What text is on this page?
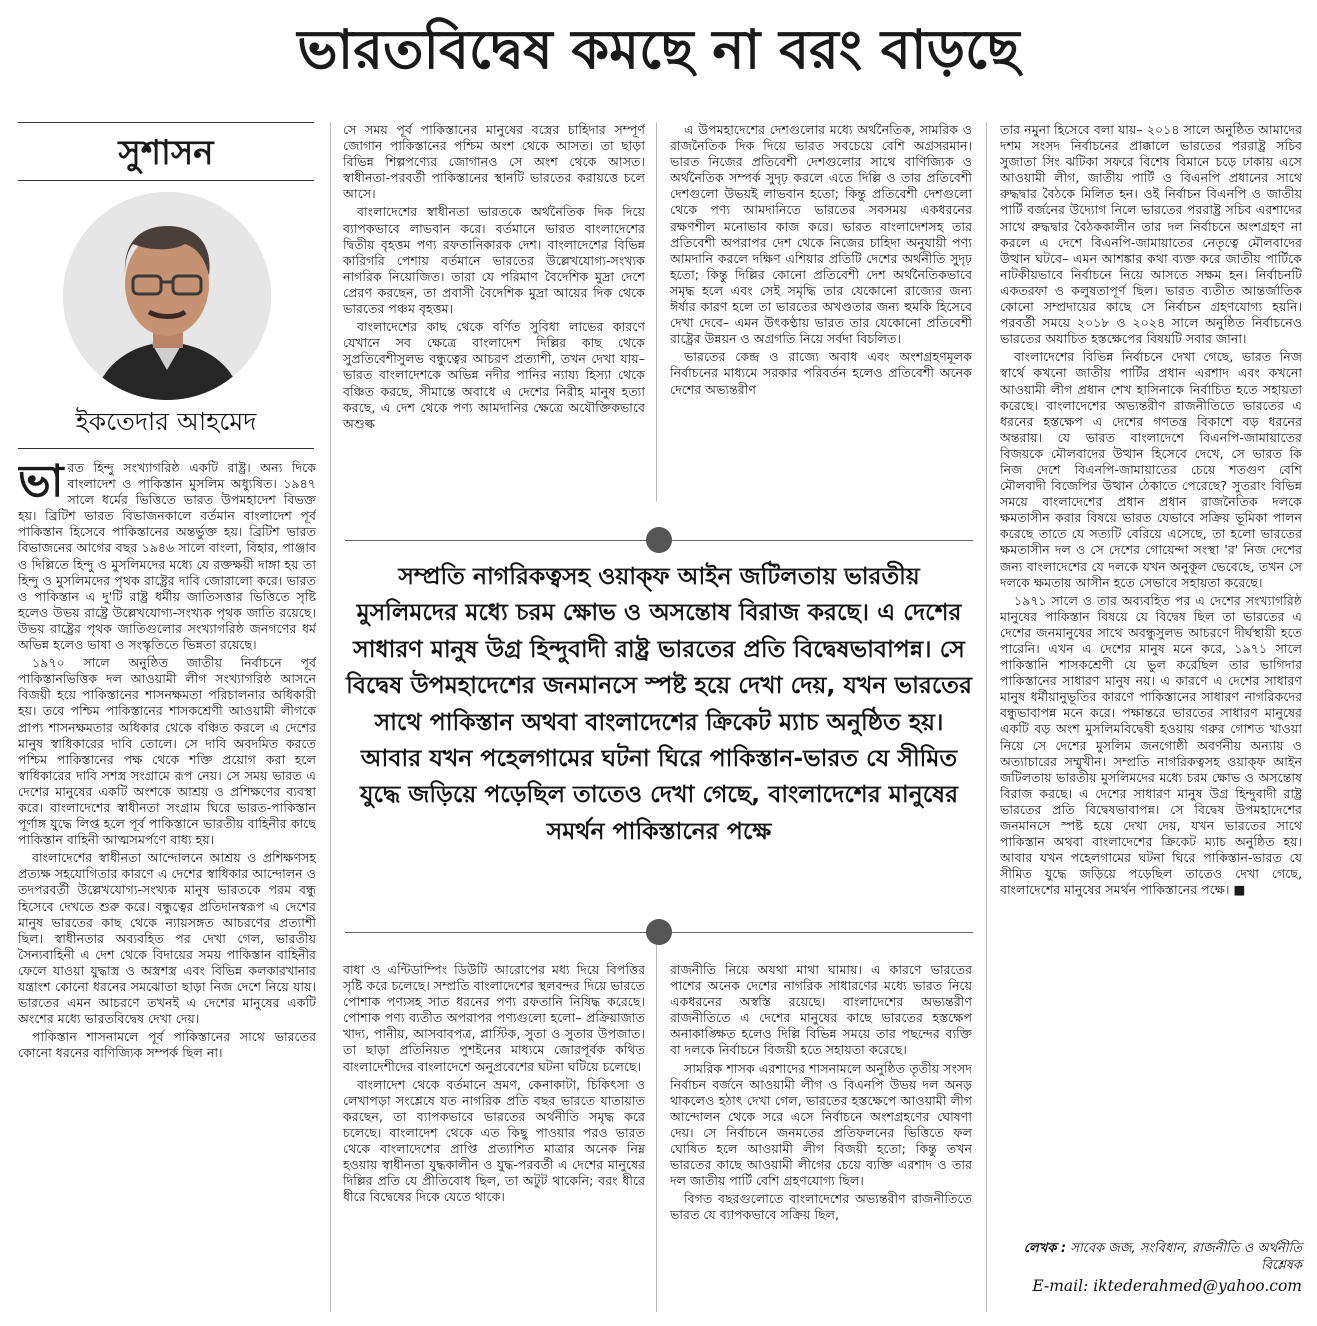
ভারতবিদ্বেষ কমছে না বরং বাড়ছে
সুশাসন
ইকতেদার আহমেদ

ভারত হিন্দু সংখ্যাগরিষ্ঠ একটি রাষ্ট্র। অন্য দিকে বাংলাদেশ ও পাকিস্তান মুসলিম অধ্যুষিত। ১৯৪৭ সালে ধর্মের ভিত্তিতে ভারত উপমহাদেশ বিভক্ত হয়। ব্রিটিশ ভারত বিভাজনকালে বর্তমান বাংলাদেশ পূর্ব পাকিস্তান হিসেবে পাকিস্তানের অন্তর্ভুক্ত হয়। ব্রিটিশ ভারত বিভাজনের আগের বছর ১৯৪৬ সালে বাংলা, বিহার, পাঞ্জাব ও দিল্লিতে হিন্দু ও মুসলিমদের মধ্যে যে রক্তক্ষয়ী দাঙ্গা হয় তা হিন্দু ও মুসলিমদের পৃথক রাষ্ট্রের দাবি জোরালো করে। ভারত ও পাকিস্তান এ দু'টি রাষ্ট্র ধর্মীয় জাতিসত্তার ভিত্তিতে সৃষ্টি হলেও উভয় রাষ্ট্রে উল্লেখযোগ্য-সংখ্যক পৃথক জাতি রয়েছে। উভয় রাষ্ট্রের পৃথক জাতিগুলোর সংখ্যাগরিষ্ঠ জনগণের ধর্ম অভিন্ন হলেও ভাষা ও সংস্কৃতিতে ভিন্নতা রয়েছে।

১৯৭০ সালে অনুষ্ঠিত জাতীয় নির্বাচনে পূর্ব পাকিস্তানভিত্তিক দল আওয়ামী লীগ সংখ্যাগরিষ্ঠ আসনে বিজয়ী হয়ে পাকিস্তানের শাসনক্ষমতা পরিচালনার অধিকারী হয়। তবে পশ্চিম পাকিস্তানের শাসকশ্রেণী আওয়ামী লীগকে প্রাপ্য শাসনক্ষমতার অধিকার থেকে বঞ্চিত করলে এ দেশের মানুষ স্বাধিকারের দাবি তোলে। সে দাবি অবদমিত করতে পশ্চিম পাকিস্তানের পক্ষ থেকে শক্তি প্রয়োগ করা হলে স্বাধিকারের দাবি সশস্ত্র সংগ্রামে রূপ নেয়। সে সময় ভারত এ দেশের মানুষের একটি অংশকে আশ্রয় ও প্রশিক্ষণের ব্যবস্থা করে। বাংলাদেশের স্বাধীনতা সংগ্রাম ঘিরে ভারত-পাকিস্তান পূর্ণাঙ্গ যুদ্ধে লিপ্ত হলে পূর্ব পাকিস্তানে ভারতীয় বাহিনীর কাছে পাকিস্তান বাহিনী আত্মসমর্পণে বাধ্য হয়।

বাংলাদেশের স্বাধীনতা আন্দোলনে আশ্রয় ও প্রশিক্ষণসহ প্রত্যক্ষ সহযোগিতার কারণে এ দেশের স্বাধিকার আন্দোলন ও তদপরবর্তী উল্লেখযোগ্য-সংখ্যক মানুষ ভারতকে পরম বন্ধু হিসেবে দেখতে শুরু করে। বন্ধুত্বের প্রতিদানস্বরূপ এ দেশের মানুষ ভারতের কাছ থেকে ন্যায়সঙ্গত আচরণের প্রত্যাশী ছিল। স্বাধীনতার অব্যবহিত পর দেখা গেল, ভারতীয় সৈন্যবাহিনী এ দেশ থেকে বিদায়ের সময় পাকিস্তান বাহিনীর ফেলে যাওয়া যুদ্ধাস্ত্র ও অস্ত্রশস্ত্র এবং বিভিন্ন কলকারখানার যন্ত্রাংশ কোনো ধরনের সমঝোতা ছাড়া নিজ দেশে নিয়ে যায়। ভারতের এমন আচরণে তখনই এ দেশের মানুষের একটি অংশের মধ্যে ভারতবিদ্বেষ দেখা দেয়।

পাকিস্তান শাসনামলে পূর্ব পাকিস্তানের সাথে ভারতের কোনো ধরনের বাণিজ্যিক সম্পর্ক ছিল না।

সে সময় পূর্ব পাকিস্তানের মানুষের বস্ত্রের চাহিদার সম্পূর্ণ জোগান পাকিস্তানের পশ্চিম অংশ থেকে আসত। তা ছাড়া বিভিন্ন শিল্পপণ্যের জোগানও সে অংশ থেকে আসত। স্বাধীনতা-পরবর্তী পাকিস্তানের স্থানটি ভারতের করায়ত্তে চলে আসে।

বাংলাদেশের স্বাধীনতা ভারতকে অর্থনৈতিক দিক দিয়ে ব্যাপকভাবে লাভবান করে। বর্তমানে ভারত বাংলাদেশের দ্বিতীয় বৃহত্তম পণ্য রফতানিকারক দেশ। বাংলাদেশের বিভিন্ন কারিগরি পেশায় বর্তমানে ভারতের উল্লেখযোগ্য-সংখ্যক নাগরিক নিয়োজিত। তারা যে পরিমাণ বৈদেশিক মুদ্রা দেশে প্রেরণ করছেন, তা প্রবাসী বৈদেশিক মুদ্রা আয়ের দিক থেকে ভারতের পঞ্চম বৃহত্তম।

বাংলাদেশের কাছ থেকে বর্ণিত সুবিধা লাভের কারণে যেখানে সব ক্ষেত্রে বাংলাদেশ দিল্লির কাছ থেকে সুপ্রতিবেশীসুলভ বন্ধুত্বের আচরণ প্রত্যাশী, তখন দেখা যায়– ভারত বাংলাদেশকে অভিন্ন নদীর পানির ন্যায্য হিস্যা থেকে বঞ্চিত করছে, সীমান্তে অবাধে এ দেশের নিরীহ মানুষ হত্যা করছে, এ দেশ থেকে পণ্য আমদানির ক্ষেত্রে অযৌক্তিকভাবে অশুল্ক

এ উপমহাদেশের দেশগুলোর মধ্যে অর্থনৈতিক, সামরিক ও রাজনৈতিক দিক দিয়ে ভারত সবচেয়ে বেশি অগ্রসরমান। ভারত নিজের প্রতিবেশী দেশগুলোর সাথে বাণিজ্যিক ও অর্থনৈতিক সম্পর্ক সুদৃঢ় করলে এতে দিল্লি ও তার প্রতিবেশী দেশগুলো উভয়ই লাভবান হতো; কিন্তু প্রতিবেশী দেশগুলো থেকে পণ্য আমদানিতে ভারতের সবসময় একধরনের রক্ষণশীল মনোভাব কাজ করে। ভারত বাংলাদেশসহ তার প্রতিবেশী অপরাপর দেশ থেকে নিজের চাহিদা অনুযায়ী পণ্য আমদানি করলে দক্ষিণ এশিয়ার প্রতিটি দেশের অর্থনীতি সুদৃঢ় হতো; কিন্তু দিল্লির কোনো প্রতিবেশী দেশ অর্থনৈতিকভাবে সমৃদ্ধ হলে এবং সেই সমৃদ্ধি তার যেকোনো রাজ্যের জন্য ঈর্ষার কারণ হলে তা ভারতের অখণ্ডতার জন্য হুমকি হিসেবে দেখা দেবে– এমন উৎকণ্ঠায় ভারত তার যেকোনো প্রতিবেশী রাষ্ট্রের উন্নয়ন ও অগ্রগতি নিয়ে সর্বদা বিচলিত।

ভারতের কেন্দ্র ও রাজ্যে অবাধ এবং অংশগ্রহণমূলক নির্বাচনের মাধ্যমে সরকার পরিবর্তন হলেও প্রতিবেশী অনেক দেশের অভ্যন্তরীণ

সম্প্রতি নাগরিকত্বসহ ওয়াক্ফ আইন জটিলতায় ভারতীয় মুসলিমদের মধ্যে চরম ক্ষোভ ও অসন্তোষ বিরাজ করছে। এ দেশের সাধারণ মানুষ উগ্র হিন্দুবাদী রাষ্ট্র ভারতের প্রতি বিদ্বেষভাবাপন্ন। সে বিদ্বেষ উপমহাদেশের জনমানসে স্পষ্ট হয়ে দেখা দেয়, যখন ভারতের সাথে পাকিস্তান অথবা বাংলাদেশের ক্রিকেট ম্যাচ অনুষ্ঠিত হয়। আবার যখন পহেলগামের ঘটনা ঘিরে পাকিস্তান-ভারত যে সীমিত যুদ্ধে জড়িয়ে পড়েছিল তাতেও দেখা গেছে, বাংলাদেশের মানুষের সমর্থন পাকিস্তানের পক্ষে

বাধা ও এন্টিডাম্পিং ডিউটি আরোপের মধ্য দিয়ে বিপত্তির সৃষ্টি করে চলেছে। সম্প্রতি বাংলাদেশের স্থলবন্দর দিয়ে ভারতে পোশাক পণ্যসহ সাত ধরনের পণ্য রফতানি নিষিদ্ধ করেছে। পোশাক পণ্য ব্যতীত অপরাপর পণ্যগুলো হলো– প্রক্রিয়াজাত খাদ্য, পানীয়, আসবাবপত্র, প্লাস্টিক, সুতা ও সুতার উপজাত। তা ছাড়া প্রতিনিয়ত পুশইনের মাধ্যমে জোরপূর্বক কথিত বাংলাদেশীদের বাংলাদেশে অনুপ্রবেশের ঘটনা ঘটিয়ে চলেছে।

বাংলাদেশ থেকে বর্তমানে ভ্রমণ, কেনাকাটা, চিকিৎসা ও লেখাপড়া সংশ্লেষে যত নাগরিক প্রতি বছর ভারতে যাতায়াত করছেন, তা ব্যাপকভাবে ভারতের অর্থনীতি সমৃদ্ধ করে চলেছে। বাংলাদেশ থেকে এত কিছু পাওয়ার পরও ভারত থেকে বাংলাদেশের প্রাপ্তি প্রত্যাশিত মাত্রার অনেক নিম্ন হওয়ায় স্বাধীনতা যুদ্ধকালীন ও যুদ্ধ-পরবর্তী এ দেশের মানুষের দিল্লির প্রতি যে প্রীতিবোধ ছিল, তা অটুট থাকেনি; বরং ধীরে ধীরে বিদ্বেষের দিকে যেতে থাকে।

রাজনীতি নিয়ে অযথা মাথা ঘামায়। এ কারণে ভারতের পাশের অনেক দেশের নাগরিক সাধারণের মধ্যে ভারত নিয়ে একধরনের অস্বস্তি রয়েছে। বাংলাদেশের অভ্যন্তরীণ রাজনীতিতে এ দেশের মানুষের কাছে ভারতের হস্তক্ষেপ অনাকাঙ্ক্ষিত হলেও দিল্লি বিভিন্ন সময়ে তার পছন্দের ব্যক্তি বা দলকে নির্বাচনে বিজয়ী হতে সহায়তা করেছে।

সামরিক শাসক এরশাদের শাসনামলে অনুষ্ঠিত তৃতীয় সংসদ নির্বাচন বর্জনে আওয়ামী লীগ ও বিএনপি উভয় দল অনড় থাকলেও হঠাৎ দেখা গেল, ভারতের হস্তক্ষেপে আওয়ামী লীগ আন্দোলন থেকে সরে এসে নির্বাচনে অংশগ্রহণের ঘোষণা দেয়। সে নির্বাচনে জনমতের প্রতিফলনের ভিত্তিতে ফল ঘোষিত হলে আওয়ামী লীগ বিজয়ী হতো; কিন্তু তখন ভারতের কাছে আওয়ামী লীগের চেয়ে ব্যক্তি এরশাদ ও তার দল জাতীয় পার্টি বেশি গ্রহণযোগ্য ছিল।

বিগত বছরগুলোতে বাংলাদেশের অভ্যন্তরীণ রাজনীতিতে ভারত যে ব্যাপকভাবে সক্রিয় ছিল,

তার নমুনা হিসেবে বলা যায়– ২০১৪ সালে অনুষ্ঠিত আমাদের দশম সংসদ নির্বাচনের প্রাক্কালে ভারতের পররাষ্ট্র সচিব সুজাতা সিং ঝটিকা সফরে বিশেষ বিমানে চড়ে ঢাকায় এসে আওয়ামী লীগ, জাতীয় পার্টি ও বিএনপি প্রধানের সাথে রুদ্ধদ্বার বৈঠকে মিলিত হন। ওই নির্বাচন বিএনপি ও জাতীয় পার্টি বর্জনের উদ্যোগ নিলে ভারতের পররাষ্ট্র সচিব এরশাদের সাথে রুদ্ধদ্বার বৈঠককালীন তার দল নির্বাচনে অংশগ্রহণ না করলে এ দেশে বিএনপি-জামায়াতের নেতৃত্বে মৌলবাদের উত্থান ঘটবে– এমন আশঙ্কার কথা ব্যক্ত করে জাতীয় পার্টিকে নাটকীয়ভাবে নির্বাচনে নিয়ে আসতে সক্ষম হন। নির্বাচনটি একতরফা ও কলুষতাপূর্ণ ছিল। ভারত ব্যতীত আন্তর্জাতিক কোনো সম্প্রদায়ের কাছে সে নির্বাচন গ্রহণযোগ্য হয়নি। পরবর্তী সময়ে ২০১৮ ও ২০২৪ সালে অনুষ্ঠিত নির্বাচনেও ভারতের অযাচিত হস্তক্ষেপের বিষয়টি সবার জানা।

বাংলাদেশের বিভিন্ন নির্বাচনে দেখা গেছে, ভারত নিজ স্বার্থে কখনো জাতীয় পার্টির প্রধান এরশাদ এবং কখনো আওয়ামী লীগ প্রধান শেখ হাসিনাকে নির্বাচিত হতে সহায়তা করেছে। বাংলাদেশের অভ্যন্তরীণ রাজনীতিতে ভারতের এ ধরনের হস্তক্ষেপ এ দেশের গণতন্ত্র বিকাশে বড় ধরনের অন্তরায়। যে ভারত বাংলাদেশে বিএনপি-জামায়াতের বিজয়কে মৌলবাদের উত্থান হিসেবে দেখে, সে ভারত কি নিজ দেশে বিএনপি-জামায়াতের চেয়ে শতগুণ বেশি মৌলবাদী বিজেপির উত্থান ঠেকাতে পেরেছে? সুতরাং বিভিন্ন সময়ে বাংলাদেশের প্রধান প্রধান রাজনৈতিক দলকে ক্ষমতাসীন করার বিষয়ে ভারত যেভাবে সক্রিয় ভূমিকা পালন করেছে তাতে যে সত্যটি বেরিয়ে এসেছে, তা হলো ভারতের ক্ষমতাসীন দল ও সে দেশের গোয়েন্দা সংস্থা 'র' নিজ দেশের জন্য বাংলাদেশের যে দলকে যখন অনুকূল ভেবেছে, তখন সে দলকে ক্ষমতায় আসীন হতে সেভাবে সহায়তা করেছে।

১৯৭১ সালে ও তার অব্যবহিত পর এ দেশের সংখ্যাগরিষ্ঠ মানুষের পাকিস্তান বিষয়ে যে বিদ্বেষ ছিল তা ভারতের এ দেশের জনমানুষের সাথে অবন্ধুসুলভ আচরণে দীর্ঘস্থায়ী হতে পারেনি। এখন এ দেশের মানুষ মনে করে, ১৯৭১ সালে পাকিস্তানি শাসকশ্রেণী যে ভুল করেছিল তার ভাগিদার পাকিস্তানের সাধারণ মানুষ নয়। এ কারণে এ দেশের সাধারণ মানুষ ধর্মীয়ানুভূতির কারণে পাকিস্তানের সাধারণ নাগরিকদের বন্ধুভাবাপন্ন মনে করে। পক্ষান্তরে ভারতের সাধারণ মানুষের একটি বড় অংশ মুসলিমবিদ্বেষী হওয়ায় গরুর গোশত খাওয়া নিয়ে সে দেশের মুসলিম জনগোষ্ঠী অবর্ণনীয় অন্যায় ও অত্যাচারের সম্মুখীন। সম্প্রতি নাগরিকত্বসহ ওয়াক্ফ আইন জটিলতায় ভারতীয় মুসলিমদের মধ্যে চরম ক্ষোভ ও অসন্তোষ বিরাজ করছে। এ দেশের সাধারণ মানুষ উগ্র হিন্দুবাদী রাষ্ট্র ভারতের প্রতি বিদ্বেষভাবাপন্ন। সে বিদ্বেষ উপমহাদেশের জনমানসে স্পষ্ট হয়ে দেখা দেয়, যখন ভারতের সাথে পাকিস্তান অথবা বাংলাদেশের ক্রিকেট ম্যাচ অনুষ্ঠিত হয়। আবার যখন পহেলগামের ঘটনা ঘিরে পাকিস্তান-ভারত যে সীমিত যুদ্ধে জড়িয়ে পড়েছিল তাতেও দেখা গেছে, বাংলাদেশের মানুষের সমর্থন পাকিস্তানের পক্ষে। ■

লেখক : সাবেক জজ, সংবিধান, রাজনীতি ও অর্থনীতি বিশ্লেষক
E-mail: iktederahmed@yahoo.com
